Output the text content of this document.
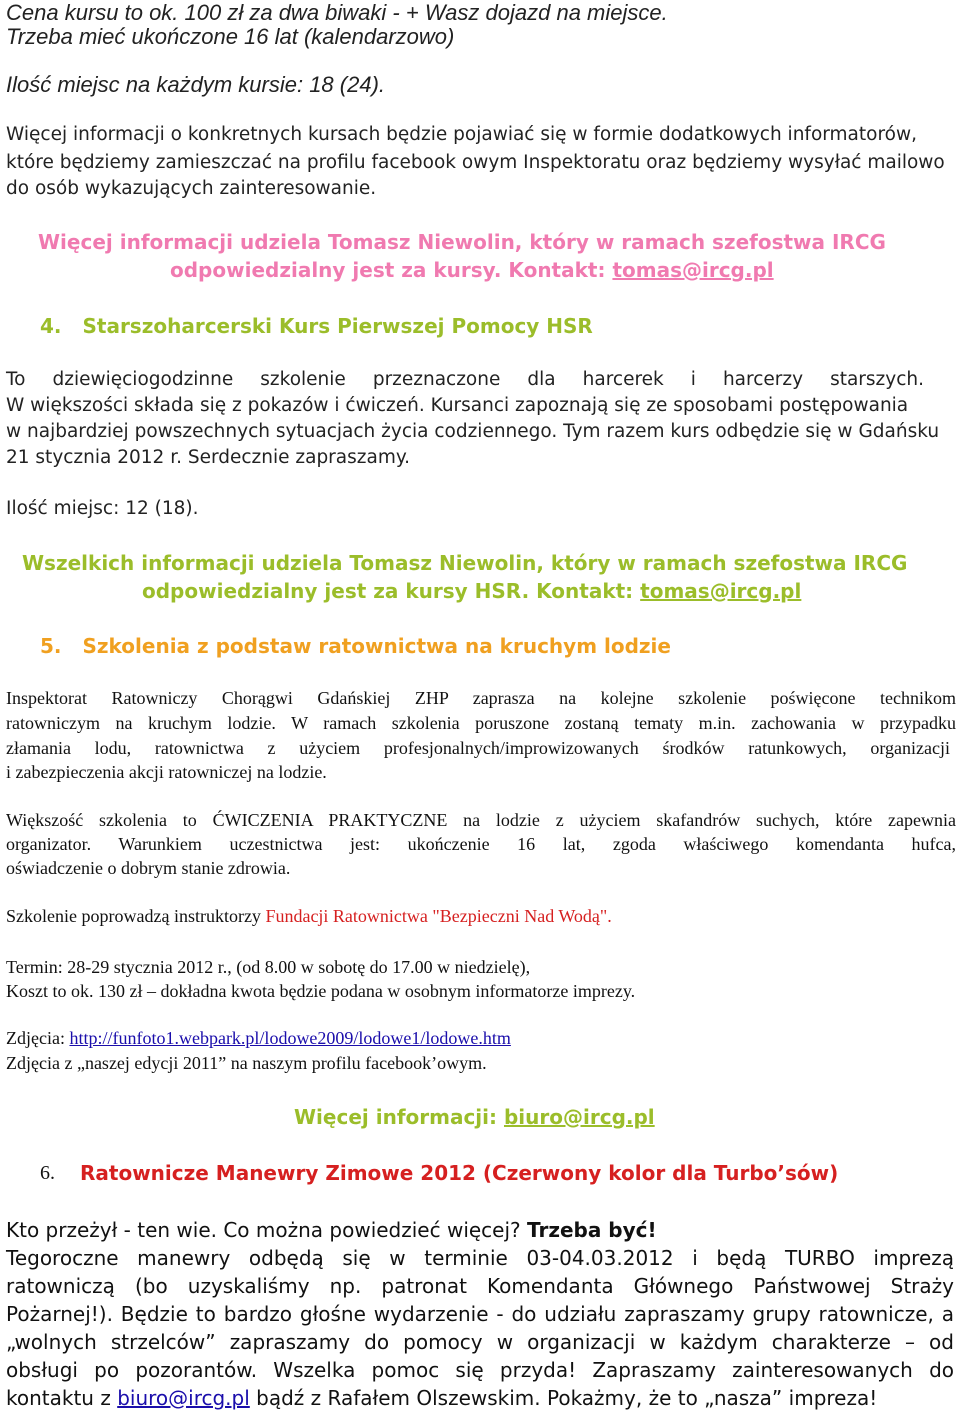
Cena kursu to ok. 100 zł za dwa biwaki - + Wasz dojazd na miejsce.
Trzeba mieć ukończone 16 lat (kalendarzowo)
Ilość miejsc na każdym kursie: 18 (24).
Więcej informacji o konkretnych kursach będzie pojawiać się w formie dodatkowych informatorów,
które będziemy zamieszczać na profilu facebook owym Inspektoratu oraz będziemy wysyłać mailowo
do osób wykazujących zainteresowanie.
Więcej informacji udziela Tomasz Niewolin, który w ramach szefostwa IRCG
odpowiedzialny jest za kursy. Kontakt: tomas@ircg.pl
4. Starszoharcerski Kurs Pierwszej Pomocy HSR
To dziewięciogodzinne szkolenie przeznaczone dla harcerek i harcerzy starszych.
W większości składa się z pokazów i ćwiczeń. Kursanci zapoznają się ze sposobami postępowania
w najbardziej powszechnych sytuacjach życia codziennego. Tym razem kurs odbędzie się w Gdańsku
21 stycznia 2012 r. Serdecznie zapraszamy.
Ilość miejsc: 12 (18).
Wszelkich informacji udziela Tomasz Niewolin, który w ramach szefostwa IRCG
odpowiedzialny jest za kursy HSR. Kontakt: tomas@ircg.pl
5. Szkolenia z podstaw ratownictwa na kruchym lodzie
Inspektorat Ratowniczy Chorągwi Gdańskiej ZHP zaprasza na kolejne szkolenie poświęcone technikom
ratowniczym na kruchym lodzie. W ramach szkolenia poruszone zostaną tematy m.in. zachowania w przypadku
złamania lodu, ratownictwa z użyciem profesjonalnych/improwizowanych środków ratunkowych, organizacji
i zabezpieczenia akcji ratowniczej na lodzie.
Większość szkolenia to ĆWICZENIA PRAKTYCZNE na lodzie z użyciem skafandrów suchych, które zapewnia
organizator. Warunkiem uczestnictwa jest: ukończenie 16 lat, zgoda właściwego komendanta hufca,
oświadczenie o dobrym stanie zdrowia.
Szkolenie poprowadzą instruktorzy Fundacji Ratownictwa "Bezpieczni Nad Wodą".
Termin: 28-29 stycznia 2012 r., (od 8.00 w sobotę do 17.00 w niedzielę),
Koszt to ok. 130 zł – dokładna kwota będzie podana w osobnym informatorze imprezy.
Zdjęcia: http://funfoto1.webpark.pl/lodowe2009/lodowe1/lodowe.htm
Zdjęcia z „naszej edycji 2011” na naszym profilu facebook’owym.
Więcej informacji: biuro@ircg.pl
6. Ratownicze Manewry Zimowe 2012 (Czerwony kolor dla Turbo’sów)
Kto przeżył - ten wie. Co można powiedzieć więcej? Trzeba być!
Tegoroczne manewry odbędą się w terminie 03-04.03.2012 i będą TURBO imprezą
ratowniczą (bo uzyskaliśmy np. patronat Komendanta Głównego Państwowej Straży
Pożarnej!). Będzie to bardzo głośne wydarzenie - do udziału zapraszamy grupy ratownicze, a
„wolnych strzelców” zapraszamy do pomocy w organizacji w każdym charakterze – od
obsługi po pozorantów. Wszelka pomoc się przyda! Zapraszamy zainteresowanych do
kontaktu z biuro@ircg.pl bądź z Rafałem Olszewskim. Pokażmy, że to „nasza” impreza!
